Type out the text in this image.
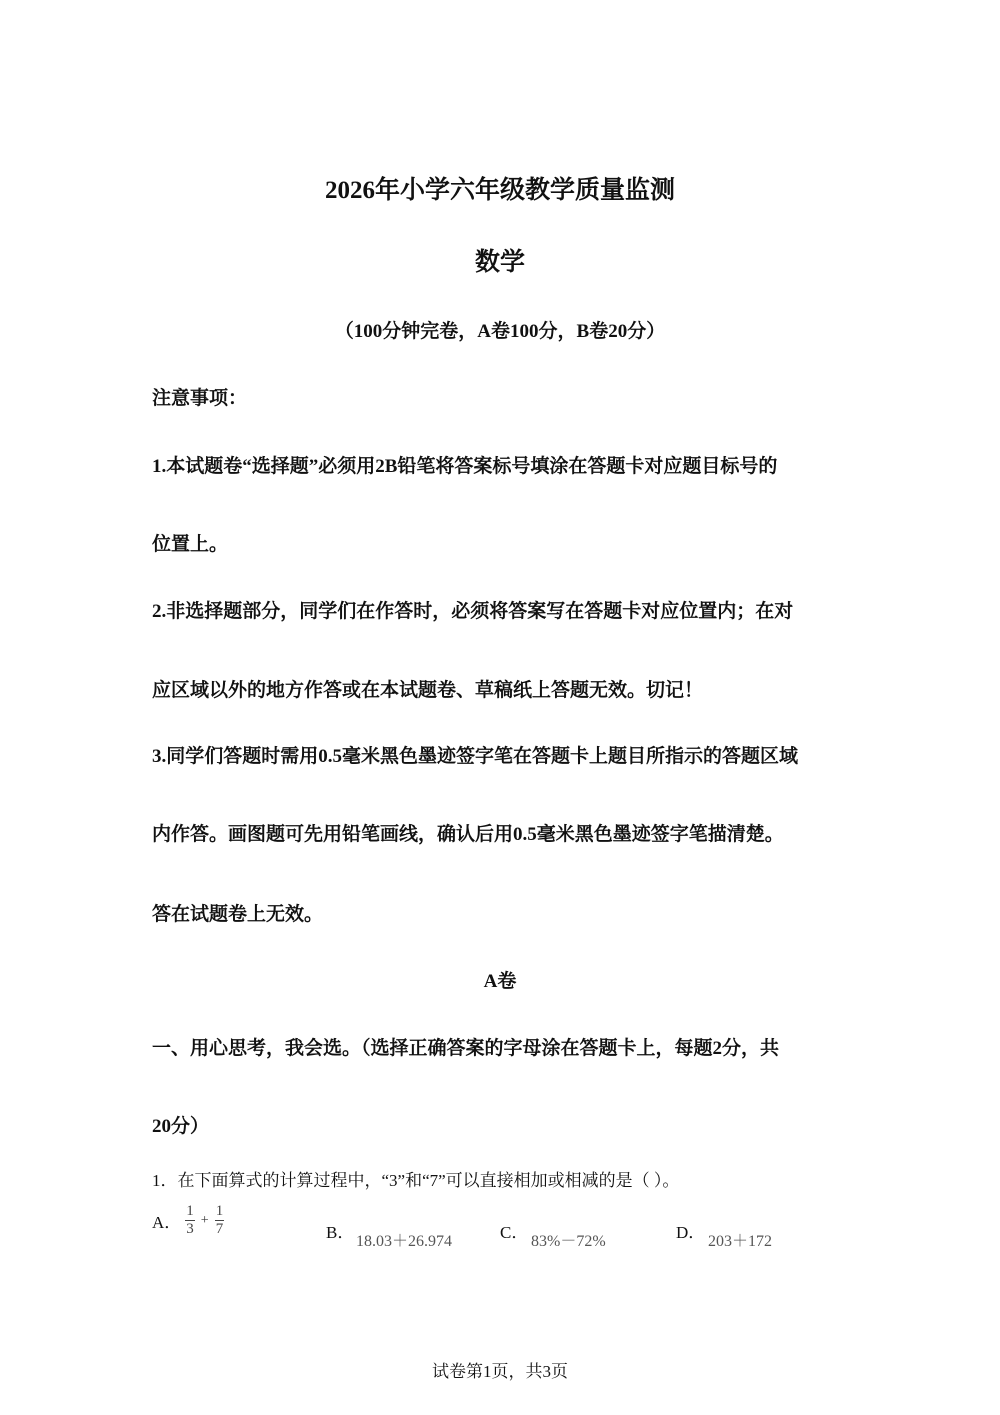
2026年小学六年级教学质量监测
数学
（100分钟完卷，A卷100分，B卷20分）
注意事项：
1.本试题卷“选择题”必须用2B铅笔将答案标号填涂在答题卡对应题目标号的
位置上。
2.非选择题部分，同学们在作答时，必须将答案写在答题卡对应位置内；在对
应区域以外的地方作答或在本试题卷、草稿纸上答题无效。切记！
3.同学们答题时需用0.5毫米黑色墨迹签字笔在答题卡上题目所指示的答题区域
内作答。画图题可先用铅笔画线，确认后用0.5毫米黑色墨迹签字笔描清楚。
答在试题卷上无效。
A卷
一、用心思考，我会选。（选择正确答案的字母涂在答题卡上，每题2分，共
20分）
1．在下面算式的计算过程中，“3”和“7”可以直接相加或相减的是（ ）。
A． $\frac{1}{3} + \frac{1}{7}$	B． 18.03＋26.974	C． 83%－72%	D． 203＋172
试卷第1页，共3页
